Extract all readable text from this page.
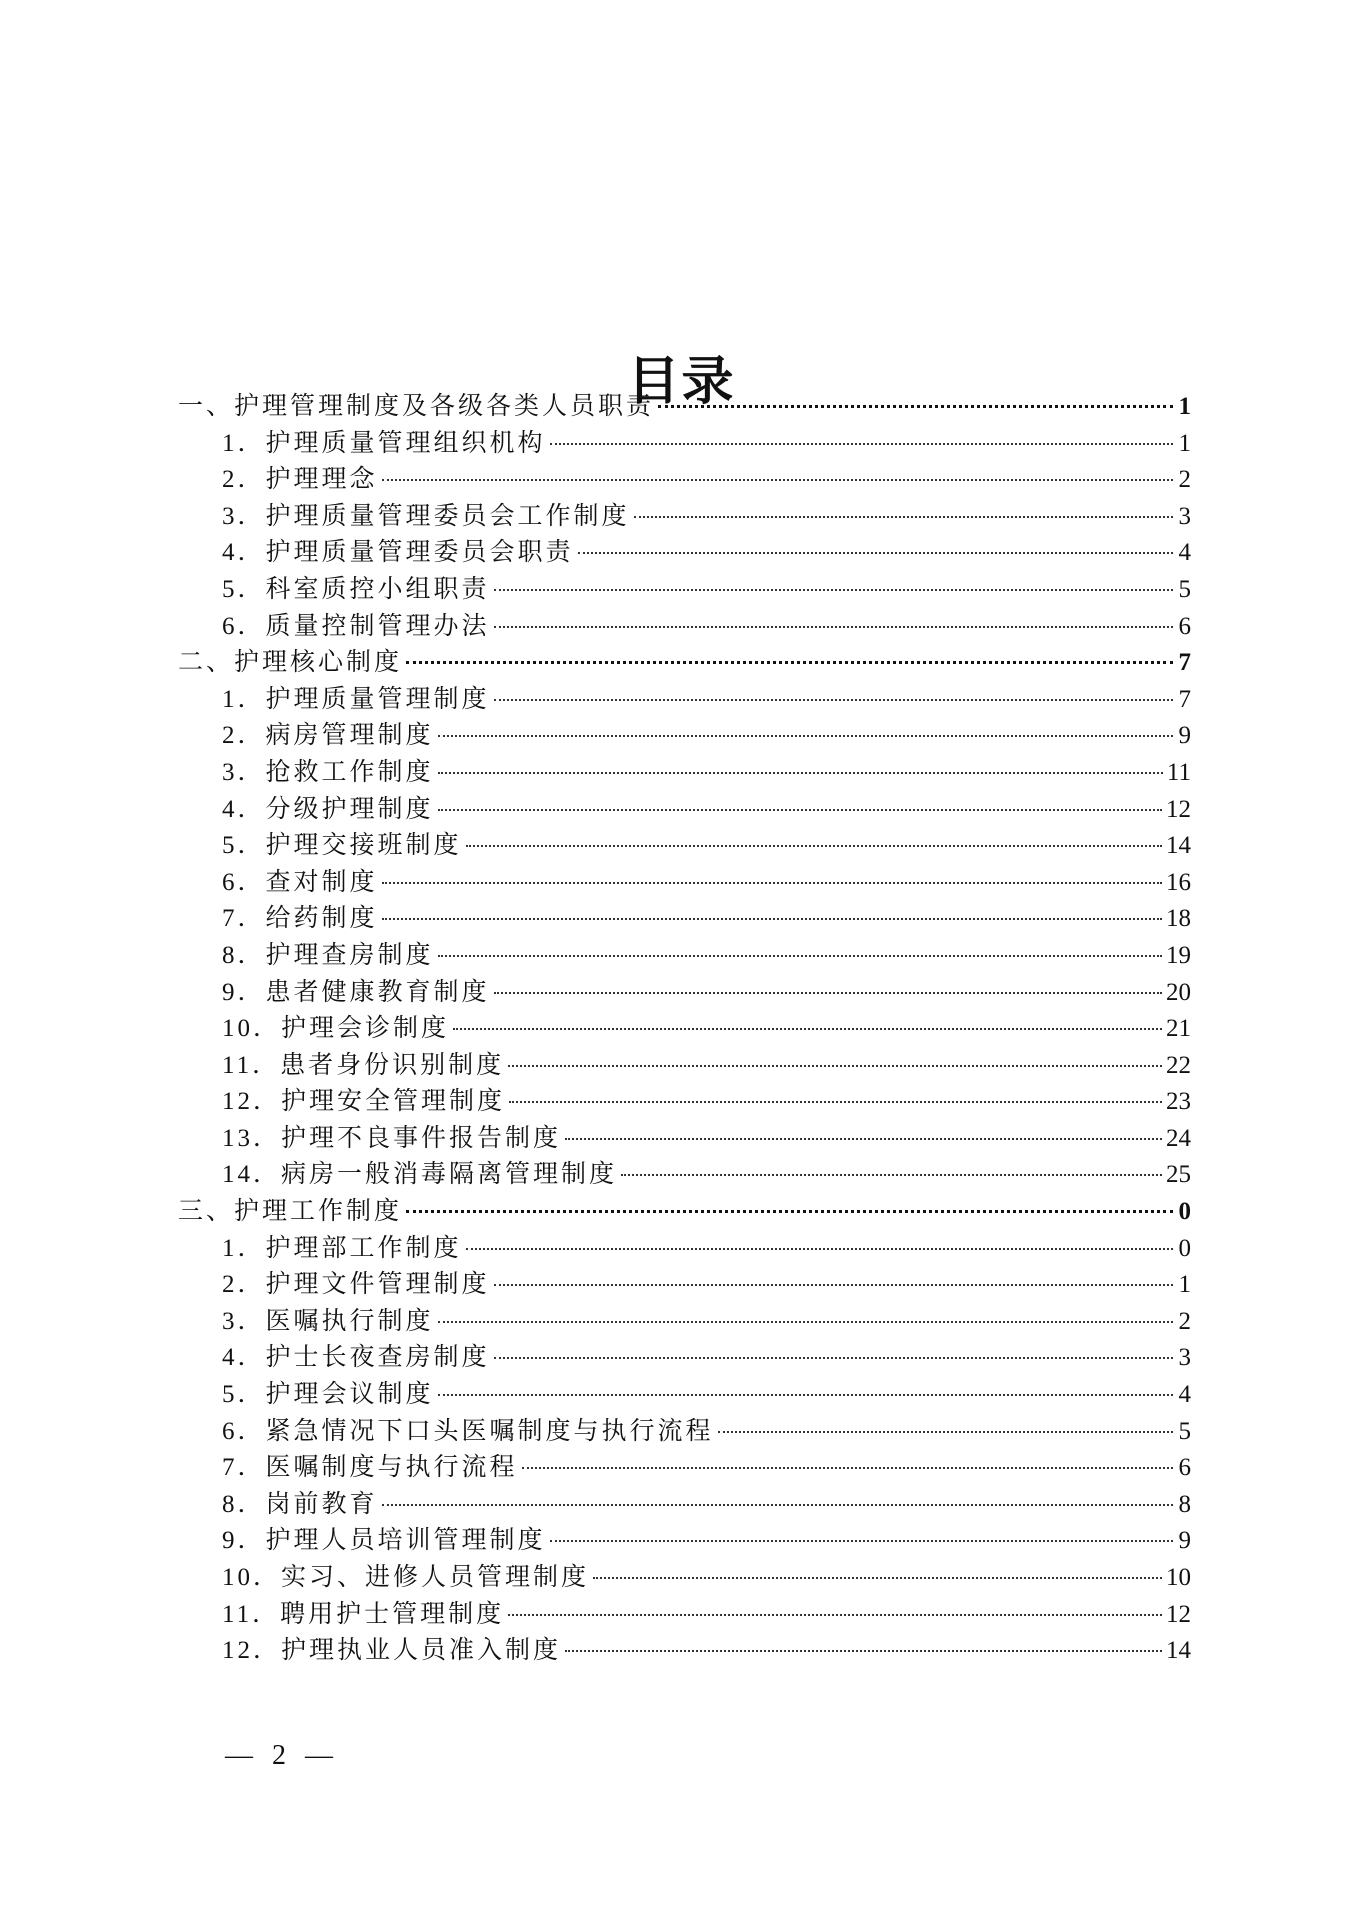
目录
一、护理管理制度及各级各类人员职责	1
1．护理质量管理组织机构	1
2．护理理念	2
3．护理质量管理委员会工作制度	3
4．护理质量管理委员会职责	4
5．科室质控小组职责	5
6．质量控制管理办法	6
二、护理核心制度	7
1．护理质量管理制度	7
2．病房管理制度	9
3．抢救工作制度	11
4．分级护理制度	12
5．护理交接班制度	14
6．查对制度	16
7．给药制度	18
8．护理查房制度	19
9．患者健康教育制度	20
10．护理会诊制度	21
11．患者身份识别制度	22
12．护理安全管理制度	23
13．护理不良事件报告制度	24
14．病房一般消毒隔离管理制度	25
三、护理工作制度	0
1．护理部工作制度	0
2．护理文件管理制度	1
3．医嘱执行制度	2
4．护士长夜查房制度	3
5．护理会议制度	4
6．紧急情况下口头医嘱制度与执行流程	5
7．医嘱制度与执行流程	6
8．岗前教育	8
9．护理人员培训管理制度	9
10．实习、进修人员管理制度	10
11．聘用护士管理制度	12
12．护理执业人员准入制度	14
— 2 —
